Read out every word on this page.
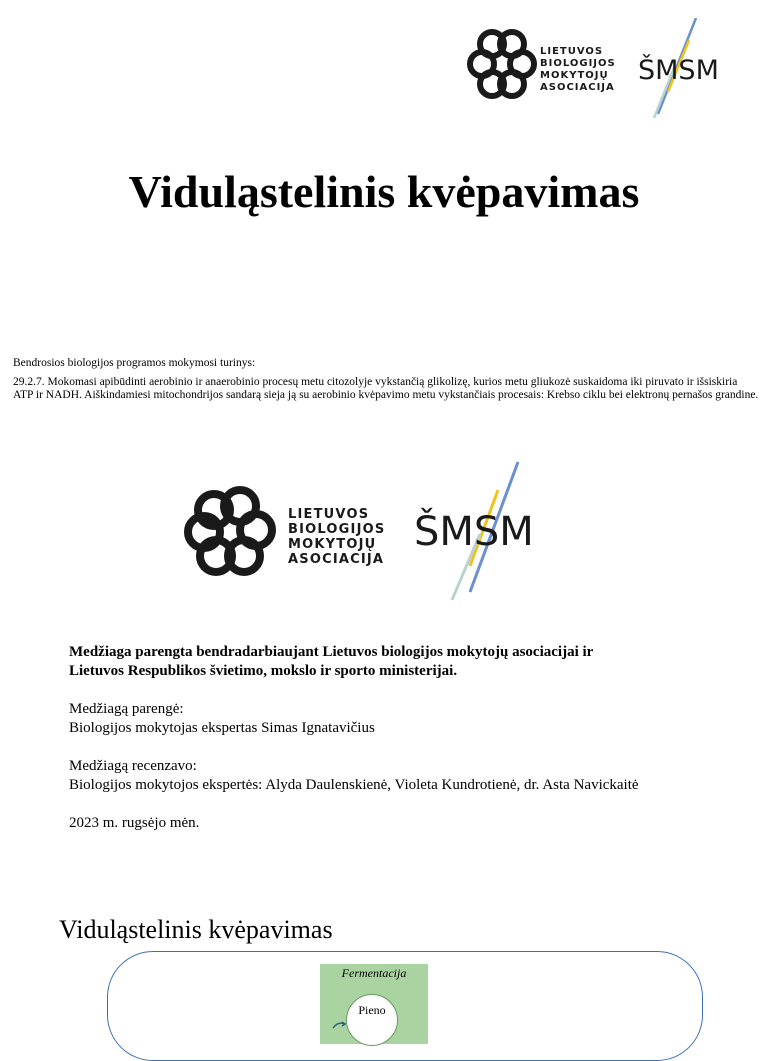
LIETUVOS
BIOLOGIJOS
MOKYTOJŲ
ASOCIACIJA
ŠMSM
Viduląstelinis kvėpavimas

Bendrosios biologijos programos mokymosi turinys:

29.2.7. Mokomasi apibūdinti aerobinio ir anaerobinio procesų metu citozolyje vykstančią glikolizę, kurios metu gliukozė suskaidoma iki piruvato ir išsiskiria ATP ir NADH. Aiškindamiesi mitochondrijos sandarą sieja ją su aerobinio kvėpavimo metu vykstančiais procesais: Krebso ciklu bei elektronų pernašos grandine.

LIETUVOS
BIOLOGIJOS
MOKYTOJŲ
ASOCIACIJA
ŠMSM

Medžiaga parengta bendradarbiaujant Lietuvos biologijos mokytojų asociacijai ir
Lietuvos Respublikos švietimo, mokslo ir sporto ministerijai.

Medžiagą parengė:
Biologijos mokytojas ekspertas Simas Ignatavičius

Medžiagą recenzavo:
Biologijos mokytojos ekspertės: Alyda Daulenskienė, Violeta Kundrotienė, dr. Asta Navickaitė

2023 m. rugsėjo mėn.

Viduląstelinis kvėpavimas
Fermentacija
Pieno
